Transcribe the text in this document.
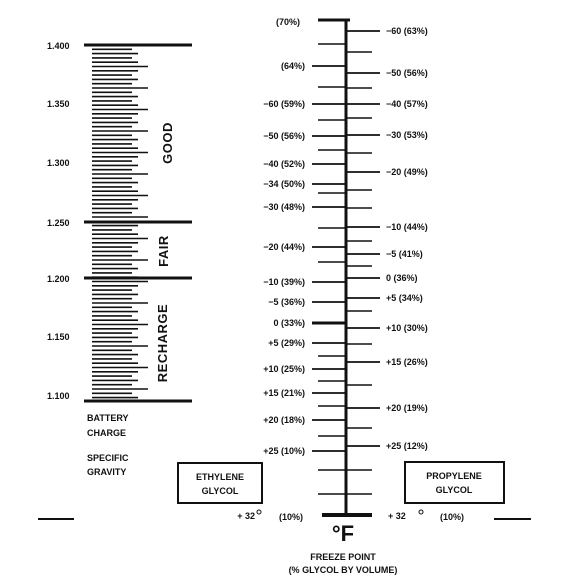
1.400
1.350
1.300
1.250
1.200
1.150
1.100
GOOD
FAIR
RECHARGE
BATTERY
CHARGE
SPECIFIC
GRAVITY
(70%)
(64%)
−60 (59%)
−50 (56%)
−40 (52%)
−34 (50%)
−30 (48%)
−20 (44%)
−10 (39%)
−5 (36%)
0 (33%)
+5 (29%)
+10 (25%)
+15 (21%)
+20 (18%)
+25 (10%)
+ 32
−60 (63%)
−50 (56%)
−40 (57%)
−30 (53%)
−20 (49%)
−10 (44%)
−5 (41%)
0 (36%)
+5 (34%)
+10 (30%)
+15 (26%)
+20 (19%)
+25 (12%)
+ 32
(10%)	(10%)
°F
FREEZE POINT
(% GLYCOL BY VOLUME)
ETHYLENE
GLYCOL
PROPYLENE
GLYCOL
